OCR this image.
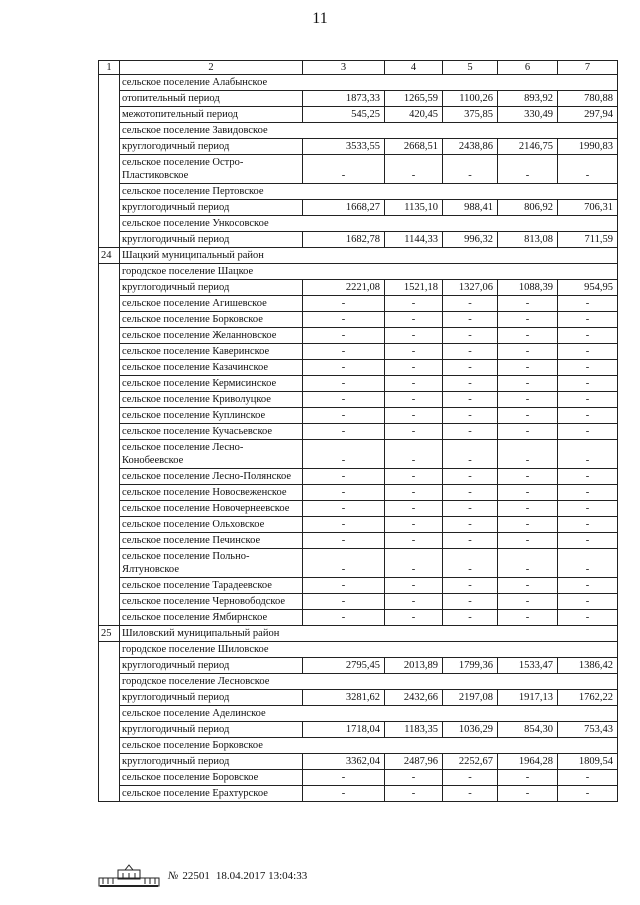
11
1	2	3	4	5	6	7
	сельское поселение Алабынское					
	отопительный период	1873,33	1265,59	1100,26	893,92	780,88
	межотопительный период	545,25	420,45	375,85	330,49	297,94
	сельское поселение Завидовское					
	круглогодичный период	3533,55	2668,51	2438,86	2146,75	1990,83
	сельское поселение Остро-Пластиковское	-	-	-	-	-
	сельское поселение Пертовское					
	круглогодичный период	1668,27	1135,10	988,41	806,92	706,31
	сельское поселение Ункосовское					
	круглогодичный период	1682,78	1144,33	996,32	813,08	711,59
24	Шацкий муниципальный район					
	городское поселение Шацкое					
	круглогодичный период	2221,08	1521,18	1327,06	1088,39	954,95
	сельское поселение Агишевское	-	-	-	-	-
	сельское поселение Борковское	-	-	-	-	-
	сельское поселение Желанновское	-	-	-	-	-
	сельское поселение Каверинское	-	-	-	-	-
	сельское поселение Казачинское	-	-	-	-	-
	сельское поселение Кермисинское	-	-	-	-	-
	сельское поселение Криволуцкое	-	-	-	-	-
	сельское поселение Куплинское	-	-	-	-	-
	сельское поселение Кучасьевское	-	-	-	-	-
	сельское поселение Лесно-Конобеевское	-	-	-	-	-
	сельское поселение Лесно-Полянское	-	-	-	-	-
	сельское поселение Новосвеженское	-	-	-	-	-
	сельское поселение Новочернеевское	-	-	-	-	-
	сельское поселение Ольховское	-	-	-	-	-
	сельское поселение Печинское	-	-	-	-	-
	сельское поселение Польно-Ялтуновское	-	-	-	-	-
	сельское поселение Тарадеевское	-	-	-	-	-
	сельское поселение Черновободское	-	-	-	-	-
	сельское поселение Ямбирнское	-	-	-	-	-
25	Шиловский муниципальный район					
	городское поселение Шиловское					
	круглогодичный период	2795,45	2013,89	1799,36	1533,47	1386,42
	городское поселение Лесновское					
	круглогодичный период	3281,62	2432,66	2197,08	1917,13	1762,22
	сельское поселение Аделинское					
	круглогодичный период	1718,04	1183,35	1036,29	854,30	753,43
	сельское поселение Борковское					
	круглогодичный период	3362,04	2487,96	2252,67	1964,28	1809,54
	сельское поселение Боровское	-	-	-	-	-
	сельское поселение Ерахтурское	-	-	-	-	-
№ 22501 18.04.2017 13:04:33
